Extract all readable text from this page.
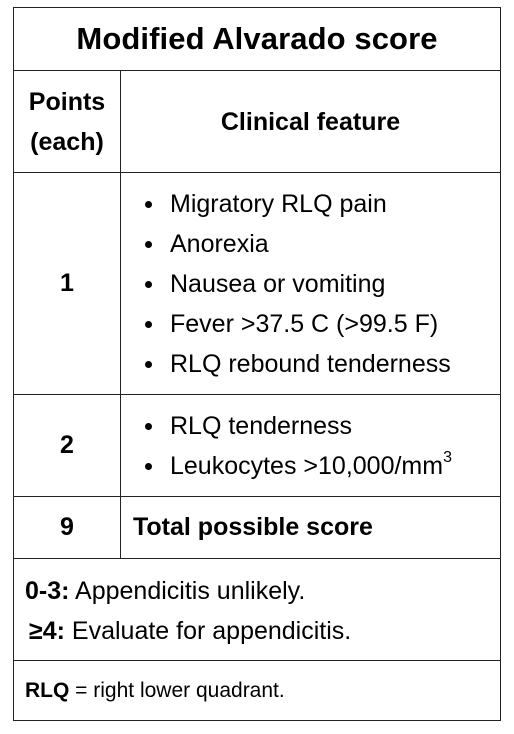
Modified Alvarado score
Points
(each)
Clinical feature
1
Migratory RLQ pain
Anorexia
Nausea or vomiting
Fever >37.5 C (>99.5 F)
RLQ rebound tenderness
2
RLQ tenderness
Leukocytes $>10,000/mm^3$
9	Total possible score
0-3: Appendicitis unlikely.
≥4: Evaluate for appendicitis.
RLQ = right lower quadrant.
